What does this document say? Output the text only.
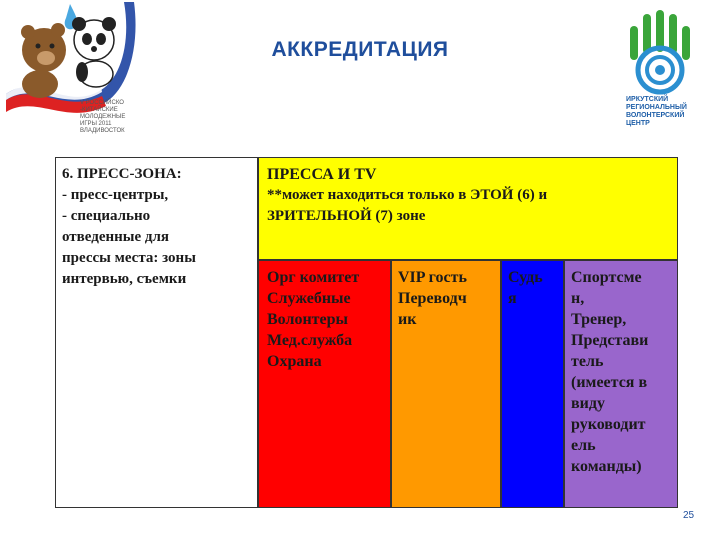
V РОССИЙСКО
-КИТАЙСКИЕ
МОЛОДЕЖНЫЕ
ИГРЫ 2011
ВЛАДИВОСТОК
АККРЕДИТАЦИЯ
ИРКУТСКИЙ
РЕГИОНАЛЬНЫЙ
ВОЛОНТЕРСКИЙ
ЦЕНТР
6. ПРЕСС-ЗОНА:
- пресс-центры,
- специально
отведенные для
прессы места: зоны
интервью, съемки
ПРЕССА И TV
**может находиться только в ЭТОЙ (6) и
ЗРИТЕЛЬНОЙ (7) зоне
Орг комитет
Служебные
Волонтеры
Мед.служба
Охрана
VIP гость
Переводч
ик
Судь
я
Спортсме
н,
Тренер,
Представи
тель
(имеется в
виду
руководит
ель
команды)
25
